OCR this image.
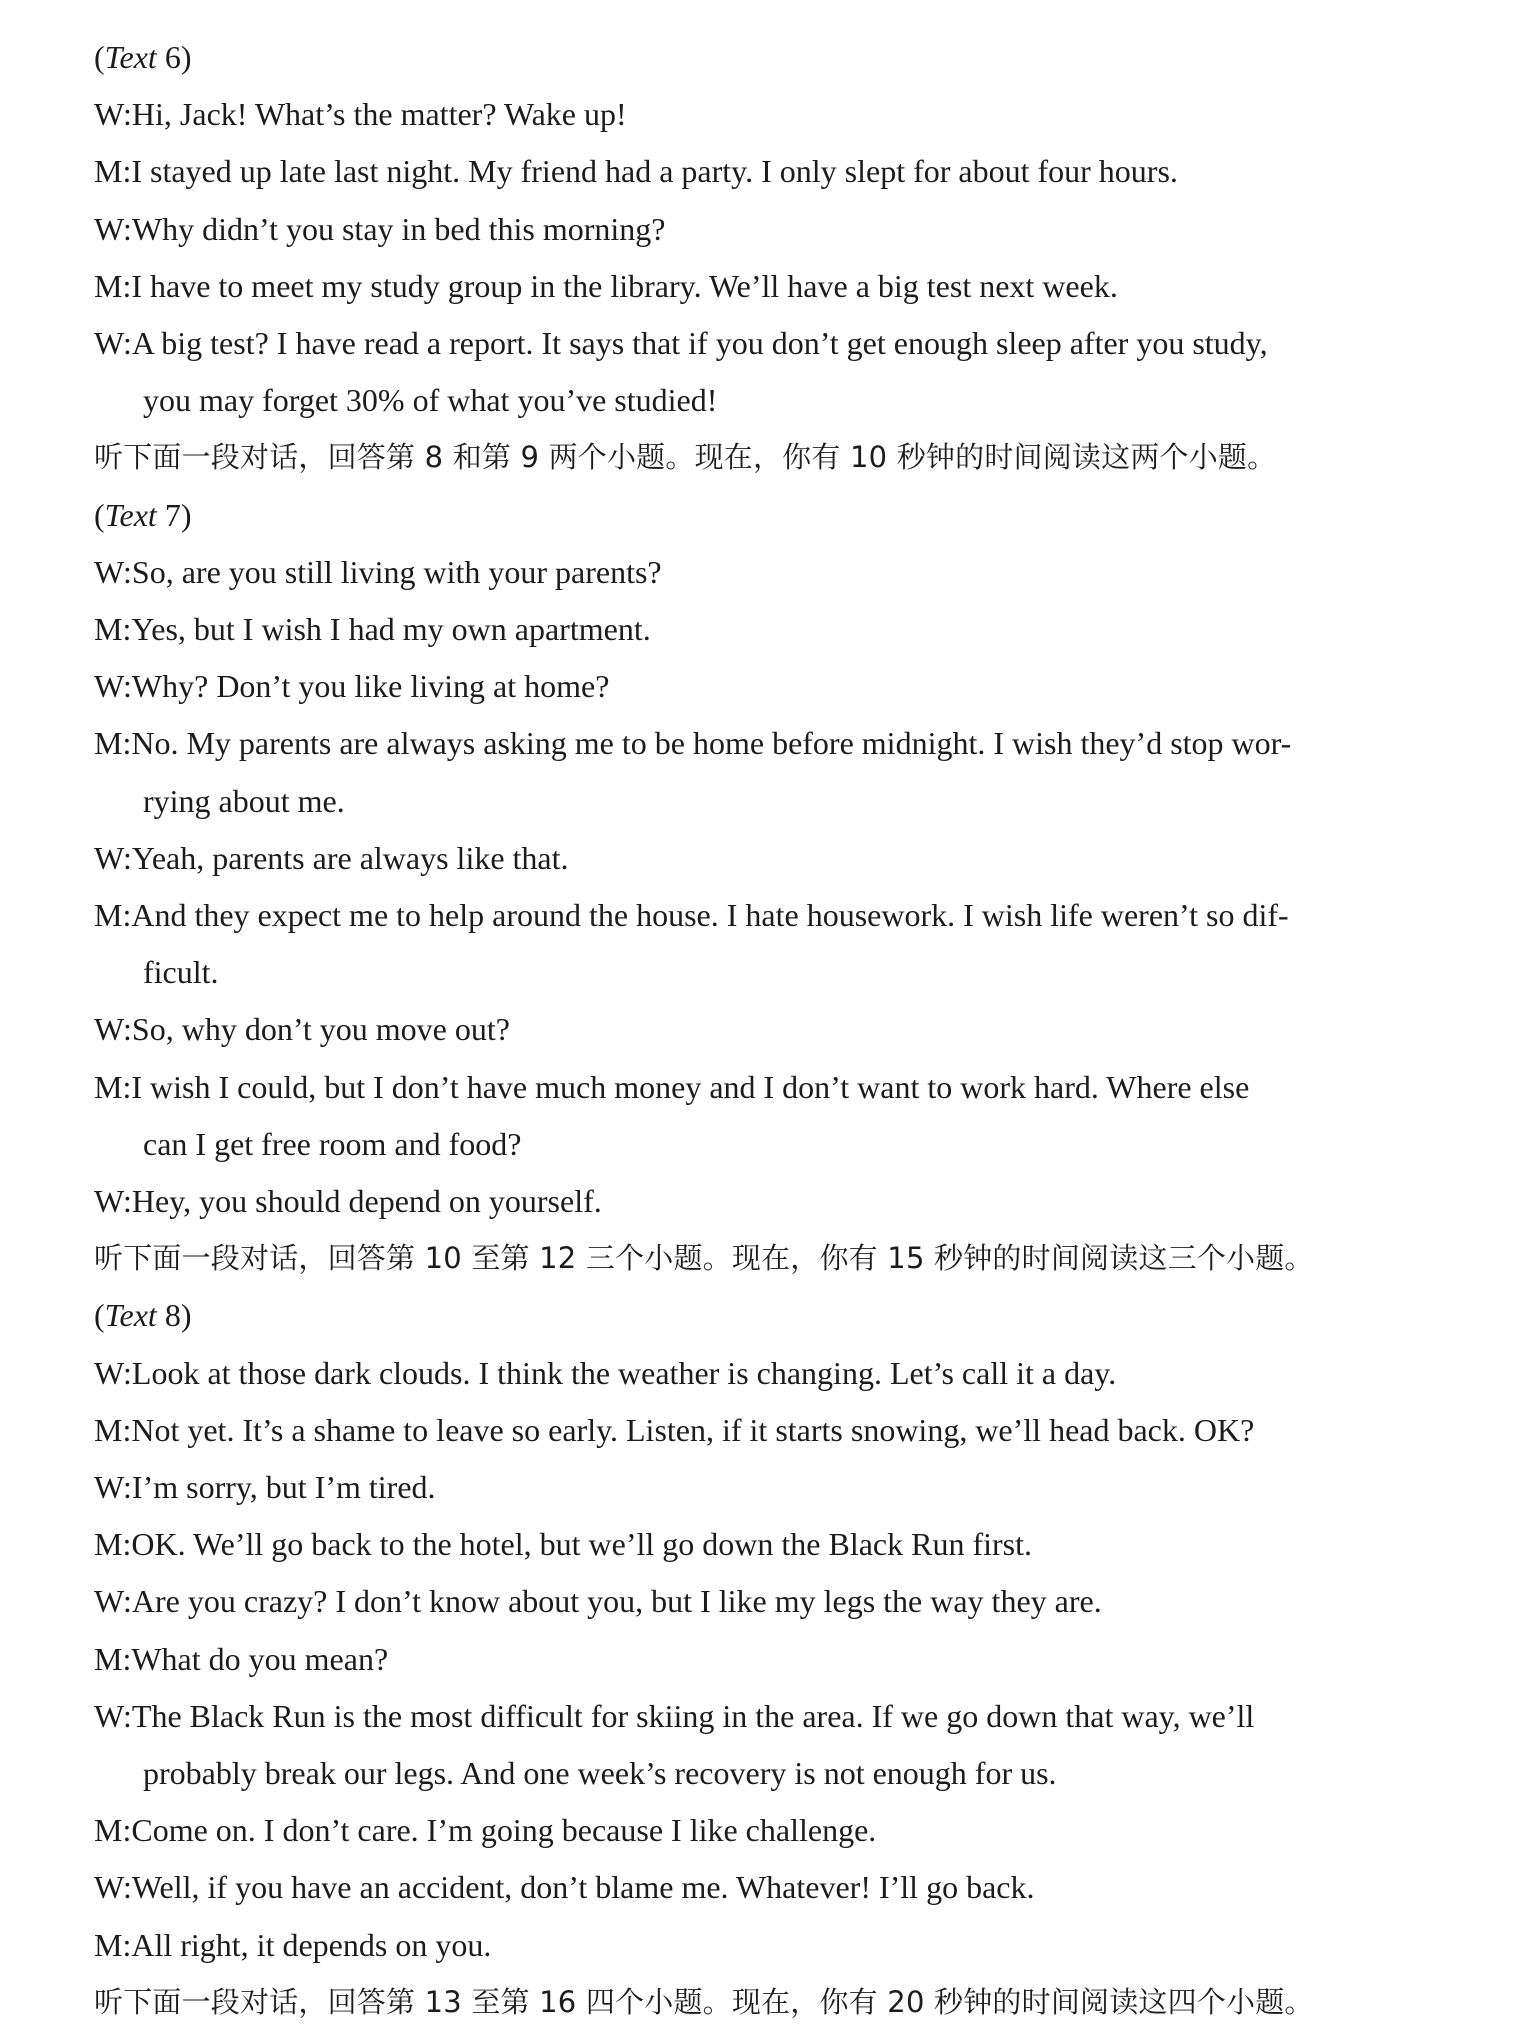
(Text 6)
W:Hi, Jack! What’s the matter? Wake up!
M:I stayed up late last night. My friend had a party. I only slept for about four hours.
W:Why didn’t you stay in bed this morning?
M:I have to meet my study group in the library. We’ll have a big test next week.
W:A big test? I have read a report. It says that if you don’t get enough sleep after you study,
you may forget 30% of what you’ve studied!
听下面一段对话，回答第 8 和第 9 两个小题。现在，你有 10 秒钟的时间阅读这两个小题。
(Text 7)
W:So, are you still living with your parents?
M:Yes, but I wish I had my own apartment.
W:Why? Don’t you like living at home?
M:No. My parents are always asking me to be home before midnight. I wish they’d stop wor-
rying about me.
W:Yeah, parents are always like that.
M:And they expect me to help around the house. I hate housework. I wish life weren’t so dif-
ficult.
W:So, why don’t you move out?
M:I wish I could, but I don’t have much money and I don’t want to work hard. Where else
can I get free room and food?
W:Hey, you should depend on yourself.
听下面一段对话，回答第 10 至第 12 三个小题。现在，你有 15 秒钟的时间阅读这三个小题。
(Text 8)
W:Look at those dark clouds. I think the weather is changing. Let’s call it a day.
M:Not yet. It’s a shame to leave so early. Listen, if it starts snowing, we’ll head back. OK?
W:I’m sorry, but I’m tired.
M:OK. We’ll go back to the hotel, but we’ll go down the Black Run first.
W:Are you crazy? I don’t know about you, but I like my legs the way they are.
M:What do you mean?
W:The Black Run is the most difficult for skiing in the area. If we go down that way, we’ll
probably break our legs. And one week’s recovery is not enough for us.
M:Come on. I don’t care. I’m going because I like challenge.
W:Well, if you have an accident, don’t blame me. Whatever! I’ll go back.
M:All right, it depends on you.
听下面一段对话，回答第 13 至第 16 四个小题。现在，你有 20 秒钟的时间阅读这四个小题。
